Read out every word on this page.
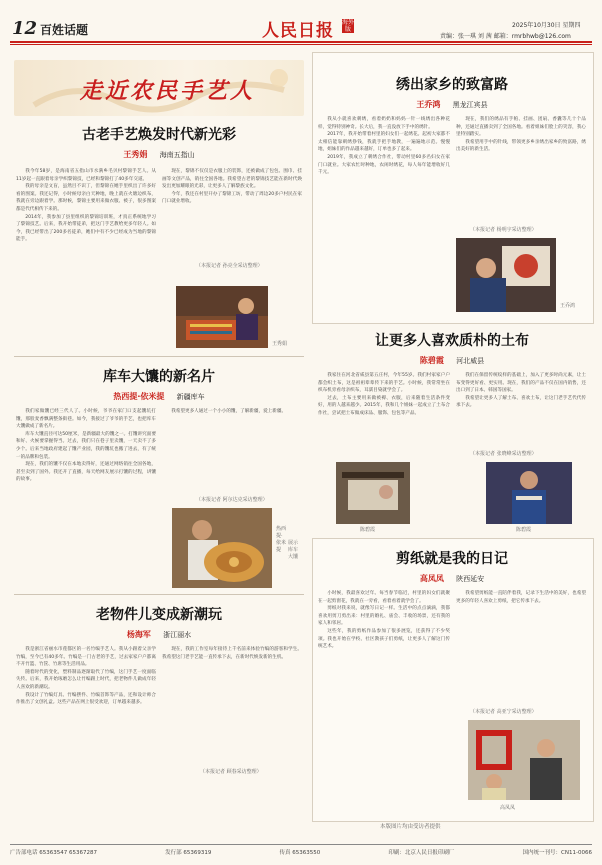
12 百姓话题	人民日报 海外版
2025年10月30日 星期四
责编：张一琪 刘 茜 邮箱：rmrbhwb@126.com
走近农民手艺人
古老手艺焕发时代新光彩
王秀娟 海南五指山

我今年58岁，是海南省五指山市水满乡毛贝村黎锦手艺人。从11岁起一直跟着母亲学织黎锦技，已经和黎锦打了40多年交道。

我的母亲是文盲，虽然目不识丁，但黎锦在她手里织出了许多好看的图案。我还记得，小时候母亲白天种地，晚上就在火塘边织布，我就在旁边跟着学。那时候，黎锦主要用来做衣服、被子，很多图案都是代代相传下来的。

2014年，我参加了县里组织的黎锦培训班，才真正系统地学习了黎锦技艺。后来，我开始带徒弟，把这门手艺教给更多年轻人。如今，我已经带出了200多名徒弟，她们中有不少已经成为当地的黎锦能手。

现在，黎锦不仅仅是衣服上的装饰，还被做成了包包、围巾、挂画等文创产品，销往全国各地。我希望古老的黎锦技艺能在新时代焕发出更加耀眼的光彩，让更多人了解黎族文化。

今年，我还在村里开办了黎锦工坊，带动了周边20多户村民在家门口就业增收。

（本报记者 孙亮全采访整理）
王秀娟
库车大馕的新名片
热西提·依米提 新疆库车

我们家做馕已经三代人了。小时候，爷爷在家门口支起馕坑打馕，那股麦香飘满整条街巷。如今，我接过了爷爷的手艺，也把库车大馕做成了新名片。

库车大馕直径可达50厘米，是新疆最大的馕之一。打馕讲究面要和好、火候要掌握得当。过去，我们只在巷子里卖馕，一天卖不了多少个。后来当地政府建起了馕产业园，我的馕坑也搬了进去，有了统一的品牌和包装。

现在，我们的馕不仅在本地卖得好，还通过网络销往全国各地，甚至卖到了国外。我还开了直播，每天给网友展示打馕的过程，讲馕的故事。

我希望更多人通过一个小小的馕，了解新疆，爱上新疆。

（本报记者 阿尔达克采访整理）
热西提·依米提
展示库车大馕
老物件儿变成新潮玩
杨海军 浙江丽水

我是浙江省丽水市莲都区的一名竹编手艺人。我从小跟着父亲学竹编，至今已有40多年。竹编是一门古老的手艺，过去家家户户都离不开竹篮、竹筐、竹席等生活用品。

随着时代的变化，塑料制品逐渐取代了竹编，这门手艺一度面临失传。后来，我开始琢磨怎么让竹编跟上时代，把老物件儿做成年轻人喜欢的新潮玩。

我设计了竹编灯具、竹编摆件、竹编首饰等产品，还和设计师合作推出了文创礼盒。这些产品在网上很受欢迎，订单越来越多。

现在，我的工作室每年接待上千名前来体验竹编的游客和学生。我希望这门老手艺能一直传承下去，在新时代焕发新的生机。

（本报记者 顾春采访整理）
绣出家乡的致富路
王乔鸿 黑龙江宾县

我从小就喜欢刺绣，看着奶奶和妈妈一针一线绣出各种花样，觉得特别神奇。长大后，我一直没放下手中的绣针。

2017年，我开始带着村里的妇女们一起绣花。起初大家都不太相信能靠刺绣挣钱，我就手把手地教，一遍遍地示范。慢慢地，姐妹们的作品越来越好，订单也多了起来。

2019年，我成立了刺绣合作社，带动村里60多名妇女在家门口就业。大家农忙时种地，农闲时绣花，每人每年能增收好几千元。

现在，我们的绣品有手帕、挂画、团扇、香囊等几十个品种，还通过直播卖到了全国各地。看着姐妹们脸上的笑容，我心里特别踏实。

我希望用手中的针线，带领更多乡亲绣出家乡的致富路，绣出美好的新生活。

（本报记者 杨明宇采访整理）
王乔鸿
让更多人喜欢质朴的土布
陈碧霞 河北威县

我家住在河北省威县第五庄村，今年55岁。我们村家家户户都会织土布，这是祖祖辈辈传下来的手艺。小时候，我常常坐在织布机旁看母亲织布，耳濡目染就学会了。

过去，土布主要用来做被褥、衣服，后来随着生活条件变好，用的人越来越少。2015年，我和几个姐妹一起成立了土布合作社，尝试把土布做成床品、服饰、包包等产品。

我们在保留传统纹样的基础上，加入了更多时尚元素，让土布变得更好看、更实用。现在，我们的产品不仅在国内销售，还出口到了日本、韩国等国家。

我希望让更多人了解土布、喜欢土布，让这门老手艺代代传承下去。

（本报记者 张晓峰采访整理）
陈碧霞	陈碧霞
剪纸就是我的日记
高凤凤 陕西延安

小时候，我最喜欢过年。每当春节临近，村里的妇女们就聚在一起剪窗花，我就在一旁看，看着看着就学会了。

剪纸对我来说，就像写日记一样。生活中的点点滴滴，我都喜欢用剪刀剪出来：村里的婚礼、庙会、丰收的场景，还有我的家人和邻居。

这些年，我的剪纸作品参加了很多展览，还获得了不少奖项。我也开始在学校、社区教孩子们剪纸，让更多人了解这门传统艺术。

我希望剪纸能一直陪伴着我，记录下生活中的美好，也希望更多的年轻人喜欢上剪纸，把它传承下去。

（本报记者 高亚宁采访整理）
高凤凤
本版图片均由受访者提供
广告部电话 65363547 65367287	发行部 65369319	传真 65363550	印刷：北京人民日报印刷厂	国内统一刊号：CN11-0066
